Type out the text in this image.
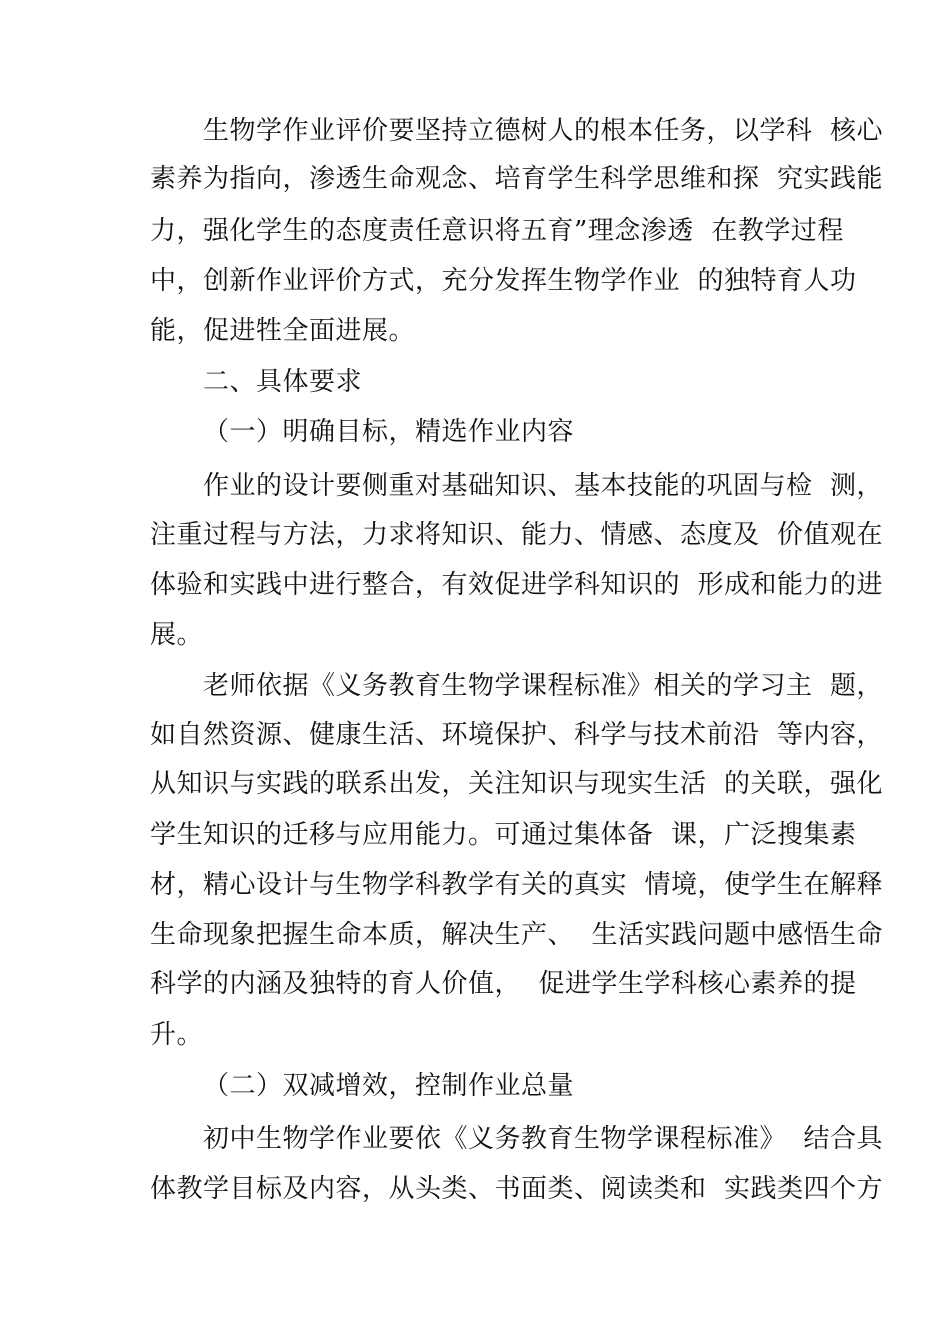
生物学作业评价要坚持立德树人的根本任务，以学科  核心
素养为指向，渗透生命观念、培育学生科学思维和探  究实践能
力，强化学生的态度责任意识将五育”理念渗透  在教学过程
中，创新作业评价方式，充分发挥生物学作业  的独特育人功
能，促进牲全面进展。
二、具体要求
（一）明确目标，精选作业内容
作业的设计要侧重对基础知识、基本技能的巩固与检  测，
注重过程与方法，力求将知识、能力、情感、态度及  价值观在
体验和实践中进行整合，有效促进学科知识的  形成和能力的进
展。
老师依据《义务教育生物学课程标准》相关的学习主  题，
如自然资源、健康生活、环境保护、科学与技术前沿  等内容，
从知识与实践的联系出发，关注知识与现实生活  的关联，强化
学生知识的迁移与应用能力。可通过集体备  课，广泛搜集素
材，精心设计与生物学科教学有关的真实  情境，使学生在解释
生命现象把握生命本质，解决生产、  生活实践问题中感悟生命
科学的内涵及独特的育人价值，  促进学生学科核心素养的提
升。
（二）双减增效，控制作业总量
初中生物学作业要依《义务教育生物学课程标准》  结合具
体教学目标及内容，从头类、书面类、阅读类和  实践类四个方
